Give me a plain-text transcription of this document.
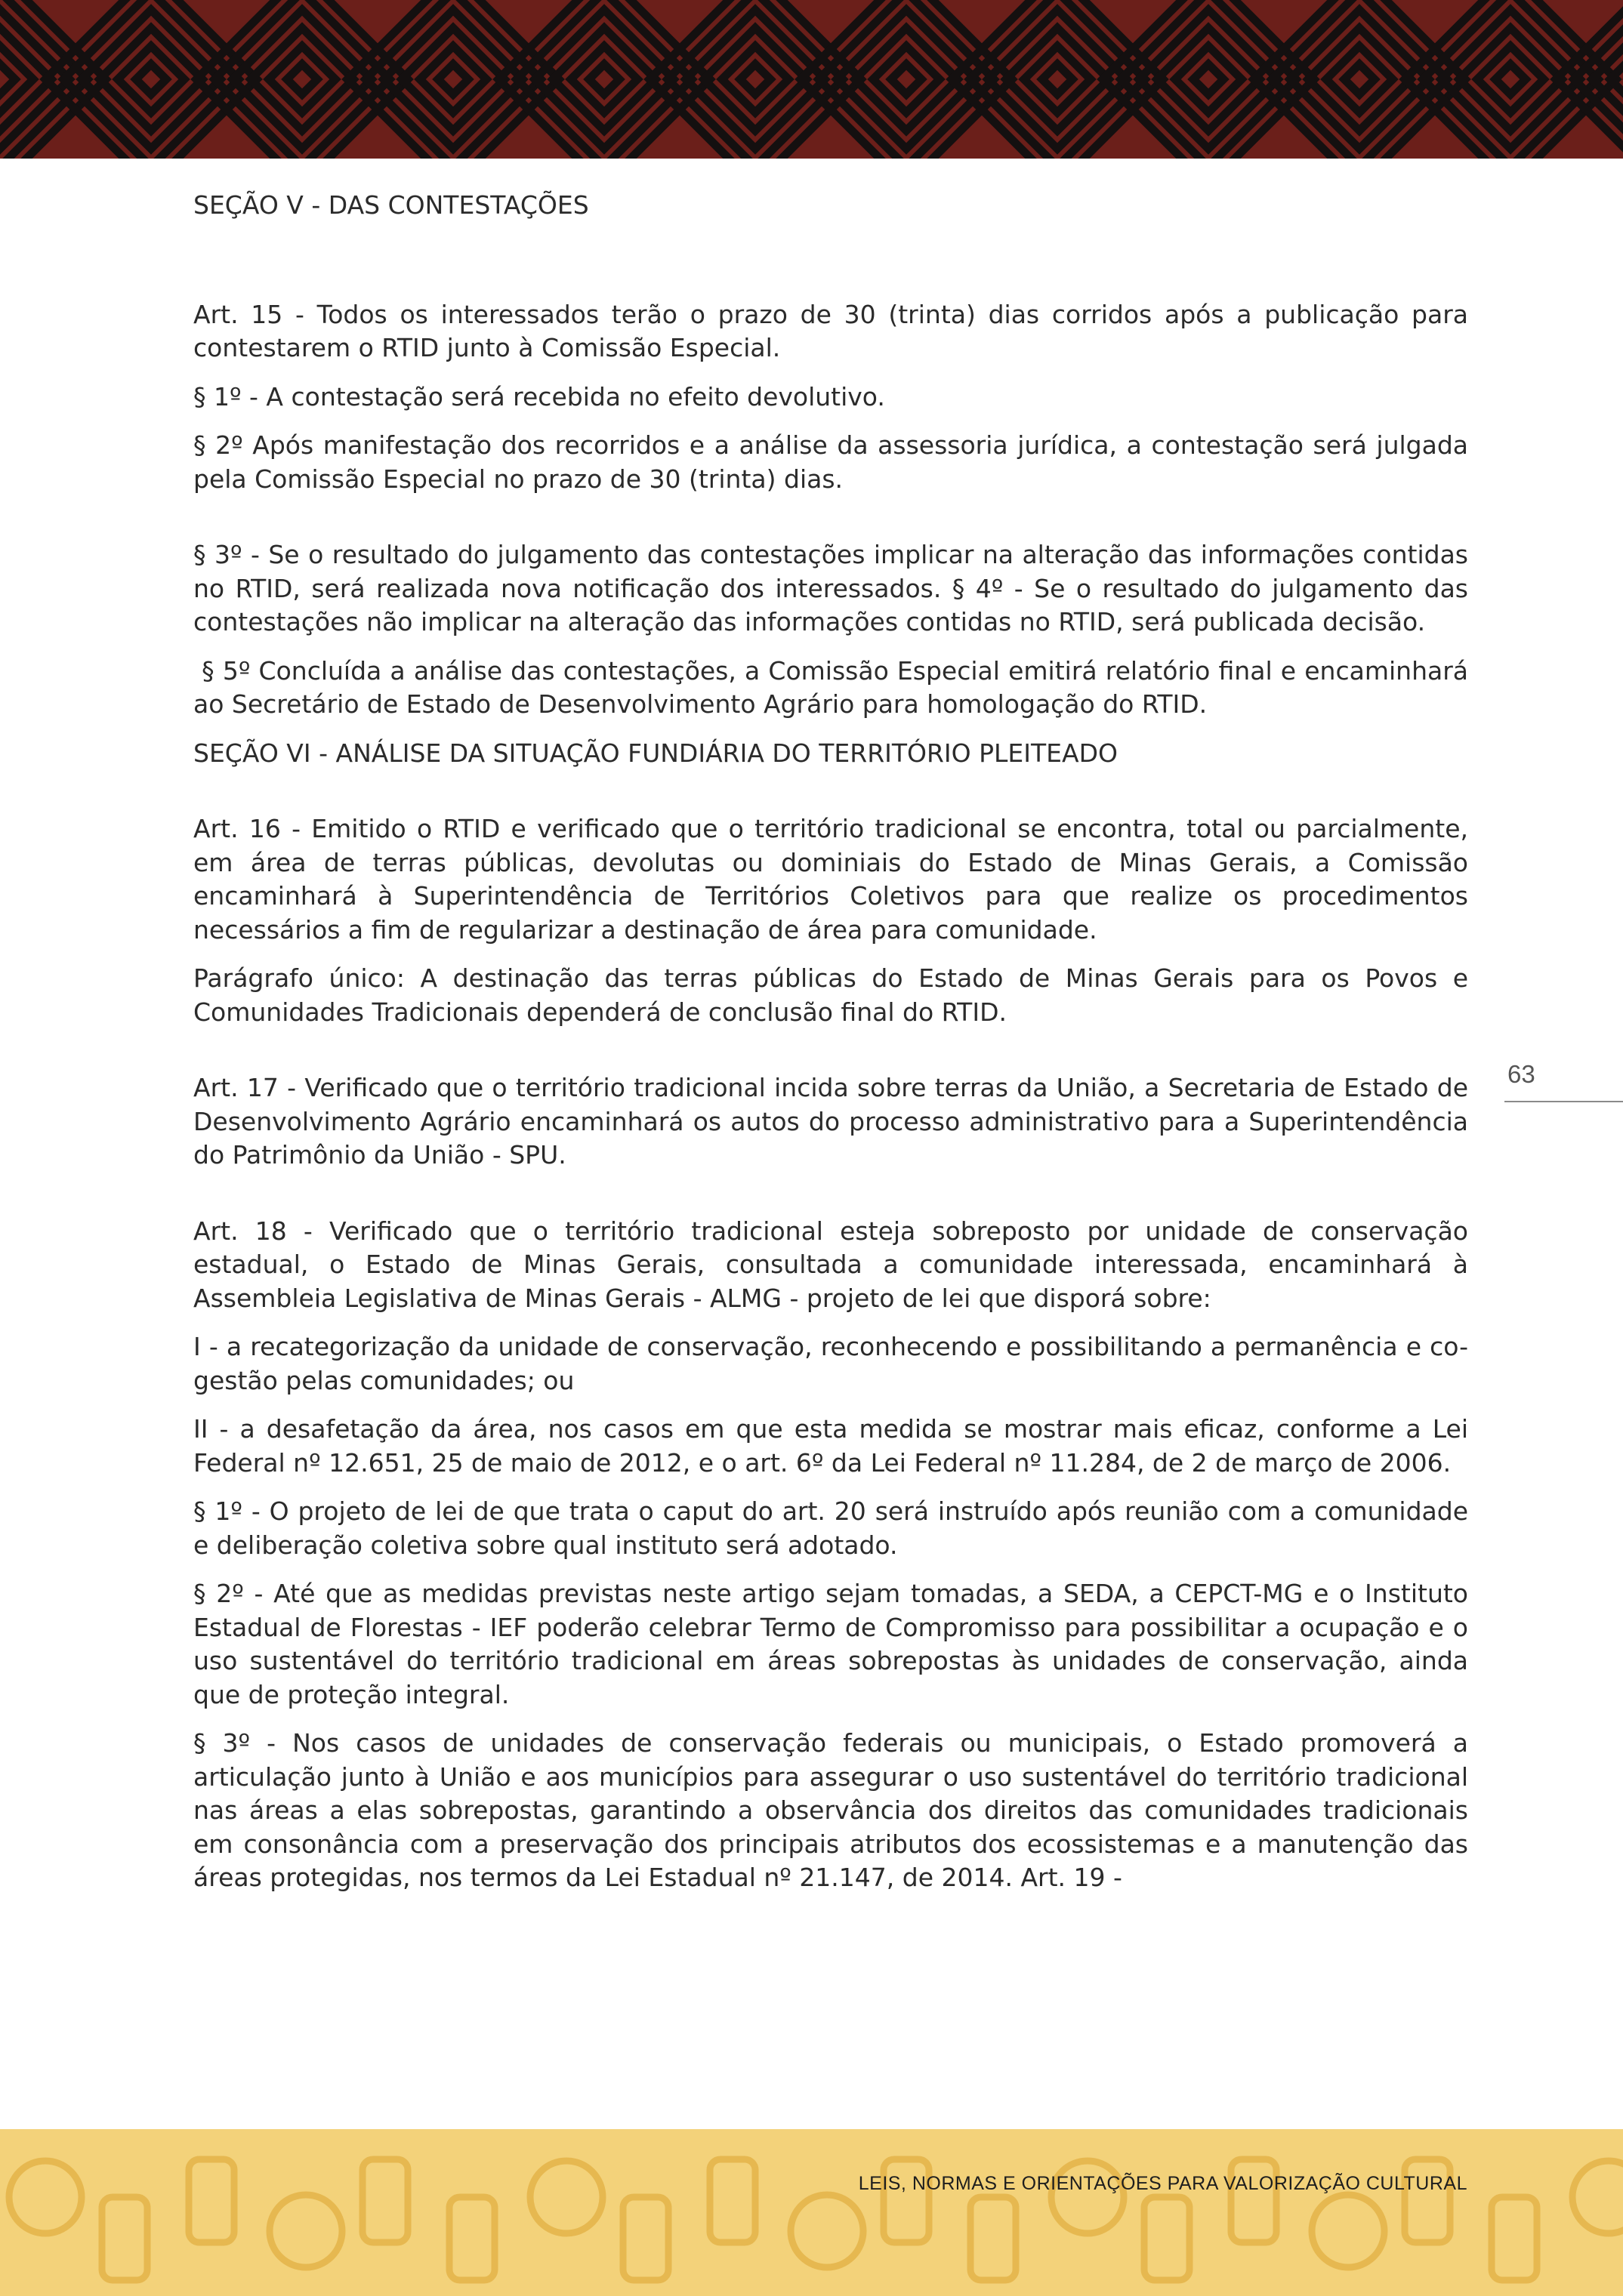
SEÇÃO V - DAS CONTESTAÇÕES

Art. 15 - Todos os interessados terão o prazo de 30 (trinta) dias corridos após a publicação para contestarem o RTID junto à Comissão Especial.

§ 1º - A contestação será recebida no efeito devolutivo.

§ 2º Após manifestação dos recorridos e a análise da assessoria jurídica, a contestação será julgada pela Comissão Especial no prazo de 30 (trinta) dias.

§ 3º - Se o resultado do julgamento das contestações implicar na alteração das informações contidas no RTID, será realizada nova notificação dos interessados. § 4º - Se o resultado do julgamento das contestações não implicar na alteração das informações contidas no RTID, será publicada decisão.

§ 5º Concluída a análise das contestações, a Comissão Especial emitirá relatório final e encaminhará ao Secretário de Estado de Desenvolvimento Agrário para homologação do RTID.

SEÇÃO VI - ANÁLISE DA SITUAÇÃO FUNDIÁRIA DO TERRITÓRIO PLEITEADO

Art. 16 - Emitido o RTID e verificado que o território tradicional se encontra, total ou parcialmente, em área de terras públicas, devolutas ou dominiais do Estado de Minas Gerais, a Comissão encaminhará à Superintendência de Territórios Coletivos para que realize os procedimentos necessários a fim de regularizar a destinação de área para comunidade.

Parágrafo único: A destinação das terras públicas do Estado de Minas Gerais para os Povos e Comunidades Tradicionais dependerá de conclusão final do RTID.

Art. 17 - Verificado que o território tradicional incida sobre terras da União, a Secretaria de Estado de Desenvolvimento Agrário encaminhará os autos do processo administrativo para a Superintendência do Patrimônio da União - SPU.

Art. 18 - Verificado que o território tradicional esteja sobreposto por unidade de conservação estadual, o Estado de Minas Gerais, consultada a comunidade interessada, encaminhará à Assembleia Legislativa de Minas Gerais - ALMG - projeto de lei que disporá sobre:

I - a recategorização da unidade de conservação, reconhecendo e possibilitando a permanência e co-gestão pelas comunidades; ou

II - a desafetação da área, nos casos em que esta medida se mostrar mais eficaz, conforme a Lei Federal nº 12.651, 25 de maio de 2012, e o art. 6º da Lei Federal nº 11.284, de 2 de março de 2006.

§ 1º - O projeto de lei de que trata o caput do art. 20 será instruído após reunião com a comunidade e deliberação coletiva sobre qual instituto será adotado.

§ 2º - Até que as medidas previstas neste artigo sejam tomadas, a SEDA, a CEPCT-MG e o Instituto Estadual de Florestas - IEF poderão celebrar Termo de Compromisso para possibilitar a ocupação e o uso sustentável do território tradicional em áreas sobrepostas às unidades de conservação, ainda que de proteção integral.

§ 3º - Nos casos de unidades de conservação federais ou municipais, o Estado promoverá a articulação junto à União e aos municípios para assegurar o uso sustentável do território tradicional nas áreas a elas sobrepostas, garantindo a observância dos direitos das comunidades tradicionais em consonância com a preservação dos principais atributos dos ecossistemas e a manutenção das áreas protegidas, nos termos da Lei Estadual nº 21.147, de 2014. Art. 19 -

63
LEIS, NORMAS E ORIENTAÇÕES PARA VALORIZAÇÃO CULTURAL
